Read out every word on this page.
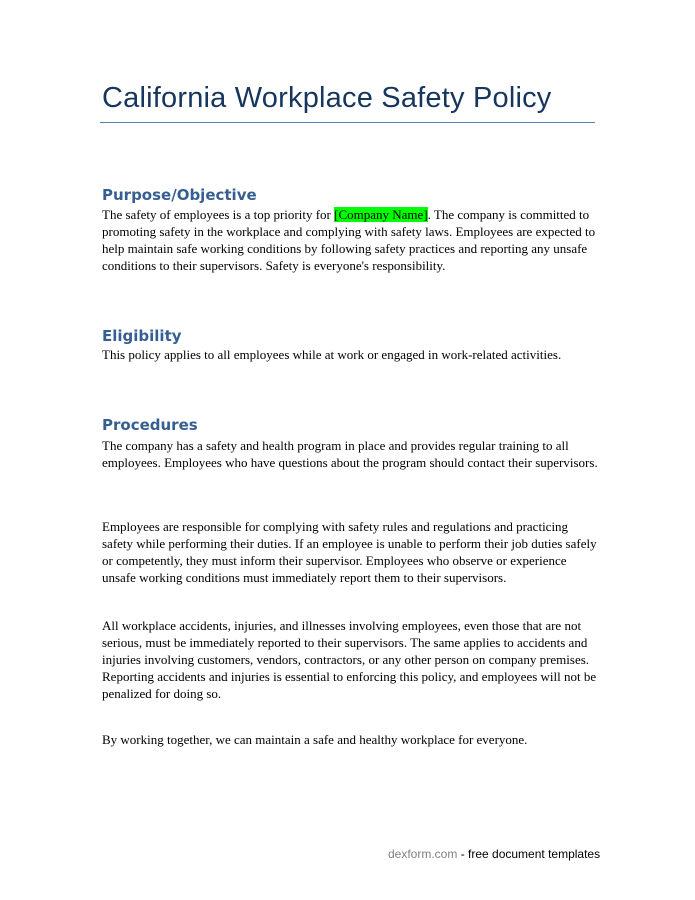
California Workplace Safety Policy
Purpose/Objective

The safety of employees is a top priority for [Company Name]. The company is committed to promoting safety in the workplace and complying with safety laws. Employees are expected to help maintain safe working conditions by following safety practices and reporting any unsafe conditions to their supervisors. Safety is everyone's responsibility.

Eligibility

This policy applies to all employees while at work or engaged in work-related activities.

Procedures

The company has a safety and health program in place and provides regular training to all employees. Employees who have questions about the program should contact their supervisors.

Employees are responsible for complying with safety rules and regulations and practicing safety while performing their duties. If an employee is unable to perform their job duties safely or competently, they must inform their supervisor. Employees who observe or experience unsafe working conditions must immediately report them to their supervisors.

All workplace accidents, injuries, and illnesses involving employees, even those that are not serious, must be immediately reported to their supervisors. The same applies to accidents and injuries involving customers, vendors, contractors, or any other person on company premises. Reporting accidents and injuries is essential to enforcing this policy, and employees will not be penalized for doing so.

By working together, we can maintain a safe and healthy workplace for everyone.

dexform.com - free document templates
